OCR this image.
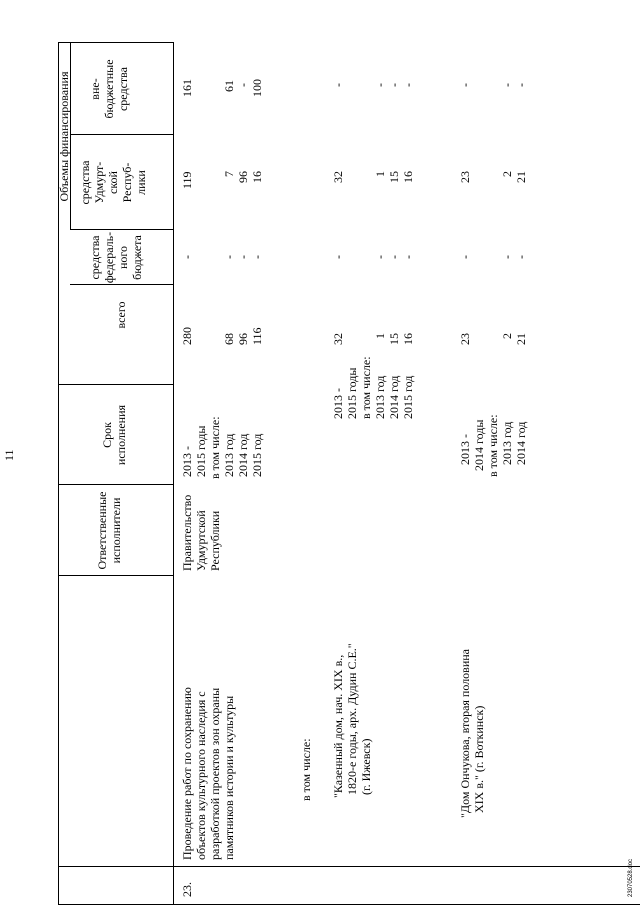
11
Объемы финансирования
Ответственные исполнители
Срок исполнения
всего
средства федераль- ного бюджета
средства Удмурт- ской Респуб- лики
вне- бюджетные средства
23.
Проведение работ по сохранению объектов культурного наследия с разработкой проектов зон охраны памятников истории и культуры
Правительство Удмуртской Республики
2013 - 2015 годы в том числе: 2013 год 2014 год 2015 год
280 68 96 116
- - - -
119 7 96 16
161 61 - 100
в том числе: "Казенный дом, нач. XIX в., 1820-е годы, арх. Дудин С.Е." (г. Ижевск)
2013 - 2015 годы в том числе: 2013 год 2014 год 2015 год
32 1 15 16
- - - -
32 1 15 16
- - - -
"Дом Ончукова, вторая половина XIX в." (г. Воткинск)
2013 - 2014 годы в том числе: 2013 год 2014 год
23 2 21
- - -
23 2 21
- - -
23070528.doc
